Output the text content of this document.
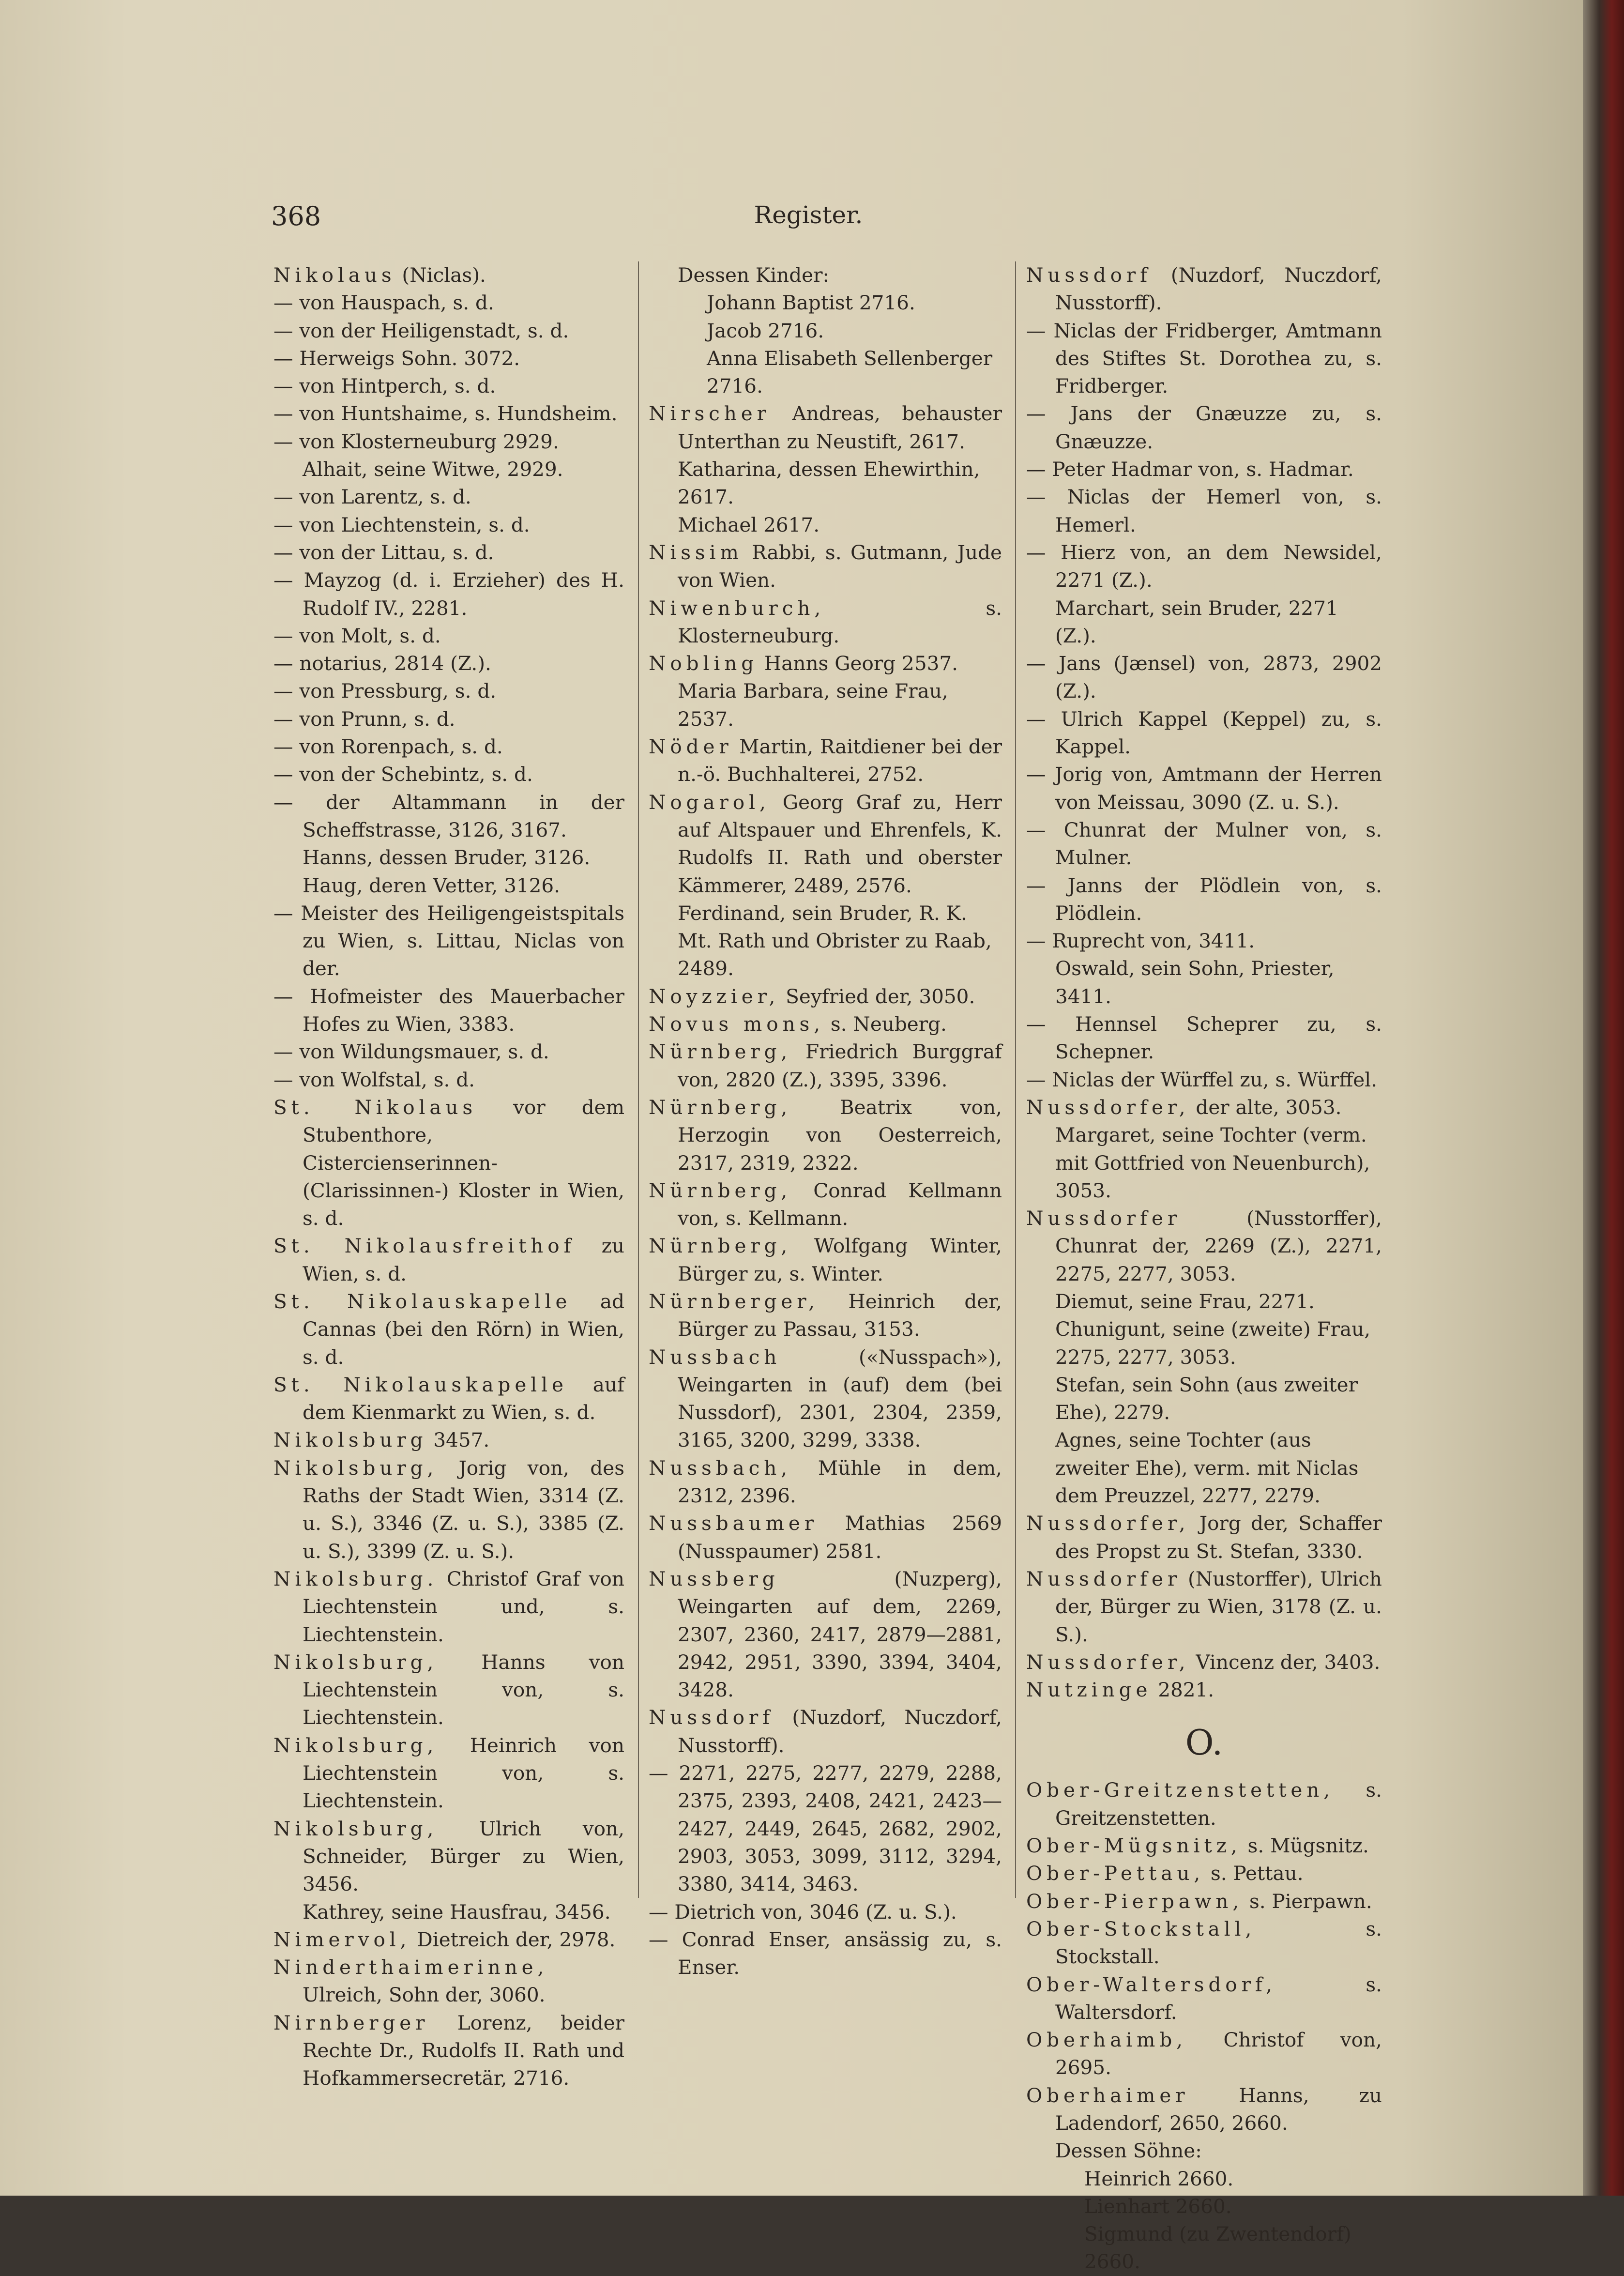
368	Register.
Nikolaus (Niclas).
— von Hauspach, s. d.
— von der Heiligenstadt, s. d.
— Herweigs Sohn. 3072.
— von Hintperch, s. d.
— von Huntshaime, s. Hundsheim.
— von Klosterneuburg 2929.
Alhait, seine Witwe, 2929.
— von Larentz, s. d.
— von Liechtenstein, s. d.
— von der Littau, s. d.
— Mayzog (d. i. Erzieher) des H. Rudolf IV., 2281.
— von Molt, s. d.
— notarius, 2814 (Z.).
— von Pressburg, s. d.
— von Prunn, s. d.
— von Rorenpach, s. d.
— von der Schebintz, s. d.
— der Altammann in der Scheffstrasse, 3126, 3167.
Hanns, dessen Bruder, 3126.
Haug, deren Vetter, 3126.
— Meister des Heiligengeistspitals zu Wien, s. Littau, Niclas von der.
— Hofmeister des Mauerbacher Hofes zu Wien, 3383.
— von Wildungsmauer, s. d.
— von Wolfstal, s. d.
St. Nikolaus vor dem Stubenthore, Cistercienserinnen- (Clarissinnen-) Kloster in Wien, s. d.
St. Nikolausfreithof zu Wien, s. d.
St. Nikolauskapelle ad Cannas (bei den Rörn) in Wien, s. d.
St. Nikolauskapelle auf dem Kienmarkt zu Wien, s. d.
Nikolsburg 3457.
Nikolsburg, Jorig von, des Raths der Stadt Wien, 3314 (Z. u. S.), 3346 (Z. u. S.), 3385 (Z. u. S.), 3399 (Z. u. S.).
Nikolsburg. Christof Graf von Liechtenstein und, s. Liechtenstein.
Nikolsburg, Hanns von Liechtenstein von, s. Liechtenstein.
Nikolsburg, Heinrich von Liechtenstein von, s. Liechtenstein.
Nikolsburg, Ulrich von, Schneider, Bürger zu Wien, 3456.
Kathrey, seine Hausfrau, 3456.
Nimervol, Dietreich der, 2978.
Ninderthaimerinne, Ulreich, Sohn der, 3060.
Nirnberger Lorenz, beider Rechte Dr., Rudolfs II. Rath und Hofkammersecretär, 2716.
Dessen Kinder:
Johann Baptist 2716.
Jacob 2716.
Anna Elisabeth Sellenberger 2716.
Nirscher Andreas, behauster Unterthan zu Neustift, 2617.
Katharina, dessen Ehewirthin, 2617.
Michael 2617.
Nissim Rabbi, s. Gutmann, Jude von Wien.
Niwenburch, s. Klosterneuburg.
Nobling Hanns Georg 2537.
Maria Barbara, seine Frau, 2537.
Nöder Martin, Raitdiener bei der n.-ö. Buchhalterei, 2752.
Nogarol, Georg Graf zu, Herr auf Altspauer und Ehrenfels, K. Rudolfs II. Rath und oberster Kämmerer, 2489, 2576.
Ferdinand, sein Bruder, R. K. Mt. Rath und Obrister zu Raab, 2489.
Noyzzier, Seyfried der, 3050.
Novus mons, s. Neuberg.
Nürnberg, Friedrich Burggraf von, 2820 (Z.), 3395, 3396.
Nürnberg, Beatrix von, Herzogin von Oesterreich, 2317, 2319, 2322.
Nürnberg, Conrad Kellmann von, s. Kellmann.
Nürnberg, Wolfgang Winter, Bürger zu, s. Winter.
Nürnberger, Heinrich der, Bürger zu Passau, 3153.
Nussbach («Nusspach»), Weingarten in (auf) dem (bei Nussdorf), 2301, 2304, 2359, 3165, 3200, 3299, 3338.
Nussbach, Mühle in dem, 2312, 2396.
Nussbaumer Mathias 2569 (Nusspaumer) 2581.
Nussberg (Nuzperg), Weingarten auf dem, 2269, 2307, 2360, 2417, 2879—2881, 2942, 2951, 3390, 3394, 3404, 3428.
Nussdorf (Nuzdorf, Nuczdorf, Nusstorff).
— 2271, 2275, 2277, 2279, 2288, 2375, 2393, 2408, 2421, 2423—2427, 2449, 2645, 2682, 2902, 2903, 3053, 3099, 3112, 3294, 3380, 3414, 3463.
— Dietrich von, 3046 (Z. u. S.).
— Conrad Enser, ansässig zu, s. Enser.
Nussdorf (Nuzdorf, Nuczdorf, Nusstorff).
— Niclas der Fridberger, Amtmann des Stiftes St. Dorothea zu, s. Fridberger.
— Jans der Gnæuzze zu, s. Gnæuzze.
— Peter Hadmar von, s. Hadmar.
— Niclas der Hemerl von, s. Hemerl.
— Hierz von, an dem Newsidel, 2271 (Z.).
Marchart, sein Bruder, 2271 (Z.).
— Jans (Jænsel) von, 2873, 2902 (Z.).
— Ulrich Kappel (Keppel) zu, s. Kappel.
— Jorig von, Amtmann der Herren von Meissau, 3090 (Z. u. S.).
— Chunrat der Mulner von, s. Mulner.
— Janns der Plödlein von, s. Plödlein.
— Ruprecht von, 3411.
Oswald, sein Sohn, Priester, 3411.
— Hennsel Scheprer zu, s. Schepner.
— Niclas der Würffel zu, s. Würffel.
Nussdorfer, der alte, 3053.
Margaret, seine Tochter (verm. mit Gottfried von Neuenburch), 3053.
Nussdorfer (Nusstorffer), Chunrat der, 2269 (Z.), 2271, 2275, 2277, 3053.
Diemut, seine Frau, 2271.
Chunigunt, seine (zweite) Frau, 2275, 2277, 3053.
Stefan, sein Sohn (aus zweiter Ehe), 2279.
Agnes, seine Tochter (aus zweiter Ehe), verm. mit Niclas dem Preuzzel, 2277, 2279.
Nussdorfer, Jorg der, Schaffer des Propst zu St. Stefan, 3330.
Nussdorfer (Nustorffer), Ulrich der, Bürger zu Wien, 3178 (Z. u. S.).
Nussdorfer, Vincenz der, 3403.
Nutzinge 2821.
O.
Ober-Greitzenstetten, s. Greitzenstetten.
Ober-Mügsnitz, s. Mügsnitz.
Ober-Pettau, s. Pettau.
Ober-Pierpawn, s. Pierpawn.
Ober-Stockstall, s. Stockstall.
Ober-Waltersdorf, s. Waltersdorf.
Oberhaimb, Christof von, 2695.
Oberhaimer Hanns, zu Ladendorf, 2650, 2660.
Dessen Söhne:
Heinrich 2660.
Lienhart 2660.
Sigmund (zu Zwentendorf) 2660.
